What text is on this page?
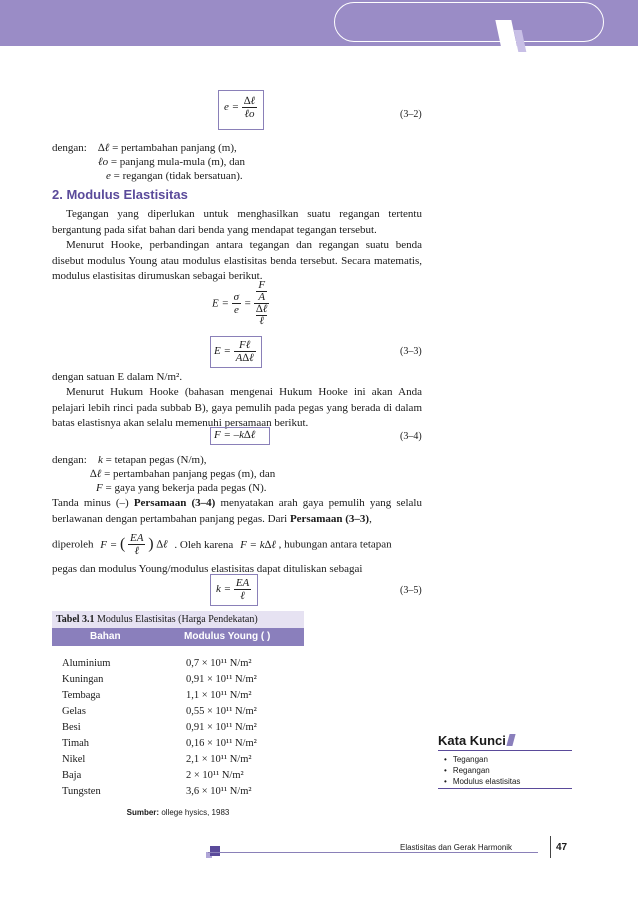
$e = \frac{\text{∆ℓ}}{\text{ℓo}}$	(3–2)
dengan: ∆ℓ = pertambahan panjang (m),
ℓo = panjang mula-mula (m), dan
e = regangan (tidak bersatuan).
2. Modulus Elastisitas
Tegangan yang diperlukan untuk menghasilkan suatu regangan tertentu bergantung pada sifat bahan dari benda yang mendapat tegangan tersebut.
Menurut Hooke, perbandingan antara tegangan dan regangan suatu benda disebut modulus Young atau modulus elastisitas benda tersebut. Secara matematis, modulus elastisitas dirumuskan sebagai berikut.
$E = \frac{\sigma}{e} = F$
A
∆ℓ
ℓ
$E = \frac{\text{Fℓ}}{\text{A∆ℓ}}$	(3–3)
dengan satuan E dalam N/m².
Menurut Hukum Hooke (bahasan mengenai Hukum Hooke ini akan Anda pelajari lebih rinci pada subbab B), gaya pemulih pada pegas yang berada di dalam batas elastisnya akan selalu memenuhi persamaan berikut.
F = –k∆ℓ	(3–4)
dengan: k = tetapan pegas (N/m),
∆ℓ = pertambahan panjang pegas (m), dan
F = gaya yang bekerja pada pegas (N).
Tanda minus (–) Persamaan (3–4) menyatakan arah gaya pemulih yang selalu berlawanan dengan pertambahan panjang pegas. Dari Persamaan (3–3),
diperoleh F = ( $\frac{EA}{\text{ℓ}}$ ) ∆ℓ . Oleh karena F = k∆ℓ , hubungan antara tetapan
pegas dan modulus Young/modulus elastisitas dapat dituliskan sebagai
$k = \frac{EA}{\text{ℓ}}$	(3–5)
Tabel 3.1 Modulus Elastisitas (Harga Pendekatan)
Bahan	Modulus Young ( )
Aluminium	0,7 × 10¹¹ N/m²
Kuningan	0,91 × 10¹¹ N/m²
Tembaga	1,1 × 10¹¹ N/m²
Gelas	0,55 × 10¹¹ N/m²
Besi	0,91 × 10¹¹ N/m²
Timah	0,16 × 10¹¹ N/m²
Nikel	2,1 × 10¹¹ N/m²
Baja	2 × 10¹¹ N/m²
Tungsten	3,6 × 10¹¹ N/m²
Sumber: ollege hysics, 1983
Kata Kunci
• Tegangan
• Regangan
• Modulus elastisitas
Elastisitas dan Gerak Harmonik	47
